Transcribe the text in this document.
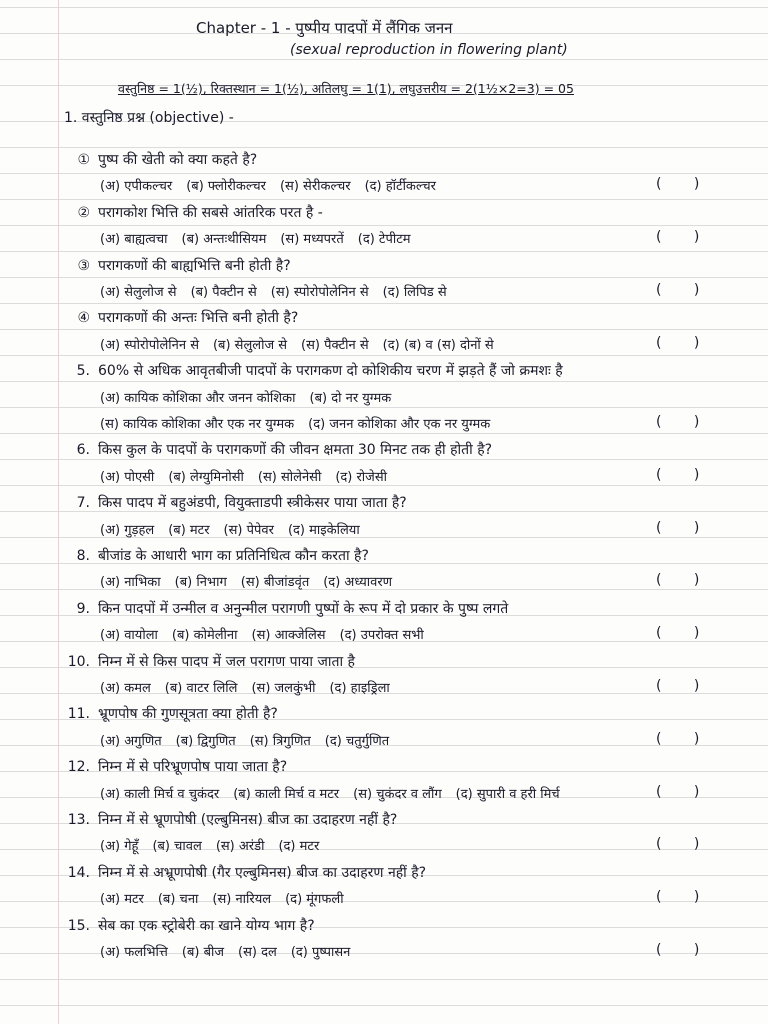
Chapter - 1 - पुष्पीय पादपों में लैंगिक जनन
(sexual reproduction in flowering plant)
वस्तुनिष्ठ = 1(½), रिक्तस्थान = 1(½), अतिलघु = 1(1), लघुउत्तरीय = 2(1½×2=3) = 05
1. वस्तुनिष्ठ प्रश्न (objective) -
① पुष्प की खेती को क्या कहते है?
(अ) एपीकल्चर (ब) फ्लोरीकल्चर (स) सेरीकल्चर (द) हॉर्टीकल्चर	( )
② परागकोश भित्ति की सबसे आंतरिक परत है -
(अ) बाह्यत्वचा (ब) अन्तःथीसियम (स) मध्यपरतें (द) टेपीटम	( )
③ परागकणों की बाह्यभित्ति बनी होती है?
(अ) सेलुलोज से (ब) पैक्टीन से (स) स्पोरोपोलेनिन से (द) लिपिड से	( )
④ परागकणों की अन्तः भित्ति बनी होती है?
(अ) स्पोरोपोलेनिन से (ब) सेलुलोज से (स) पैक्टीन से (द) (ब) व (स) दोनों से	( )
5. 60% से अधिक आवृतबीजी पादपों के परागकण दो कोशिकीय चरण में झड़ते हैं जो क्रमशः है
(अ) कायिक कोशिका और जनन कोशिका (ब) दो नर युग्मक
(स) कायिक कोशिका और एक नर युग्मक (द) जनन कोशिका और एक नर युग्मक	( )
6. किस कुल के पादपों के परागकणों की जीवन क्षमता 30 मिनट तक ही होती है?
(अ) पोएसी (ब) लेग्युमिनोसी (स) सोलेनेसी (द) रोजेसी	( )
7. किस पादप में बहुअंडपी, वियुक्ताडपी स्त्रीकेसर पाया जाता है?
(अ) गुड़हल (ब) मटर (स) पेपेवर (द) माइकेलिया	( )
8. बीजांड के आधारी भाग का प्रतिनिधित्व कौन करता है?
(अ) नाभिका (ब) निभाग (स) बीजांडवृंत (द) अध्यावरण	( )
9. किन पादपों में उन्मील व अनुन्मील परागणी पुष्पों के रूप में दो प्रकार के पुष्प लगते
(अ) वायोला (ब) कोमेलीना (स) आक्जेलिस (द) उपरोक्त सभी	( )
10. निम्न में से किस पादप में जल परागण पाया जाता है
(अ) कमल (ब) वाटर लिलि (स) जलकुंभी (द) हाइड्रिला	( )
11. भ्रूणपोष की गुणसूत्रता क्या होती है?
(अ) अगुणित (ब) द्विगुणित (स) त्रिगुणित (द) चतुर्गुणित	( )
12. निम्न में से परिभ्रूणपोष पाया जाता है?
(अ) काली मिर्च व चुकंदर (ब) काली मिर्च व मटर (स) चुकंदर व लौंग (द) सुपारी व हरी मिर्च	( )
13. निम्न में से भ्रूणपोषी (एल्बुमिनस) बीज का उदाहरण नहीं है?
(अ) गेहूँ (ब) चावल (स) अरंडी (द) मटर	( )
14. निम्न में से अभ्रूणपोषी (गैर एल्बुमिनस) बीज का उदाहरण नहीं है?
(अ) मटर (ब) चना (स) नारियल (द) मूंगफली	( )
15. सेब का एक स्ट्रोबेरी का खाने योग्य भाग है?
(अ) फलभित्ति (ब) बीज (स) दल (द) पुष्पासन	( )
